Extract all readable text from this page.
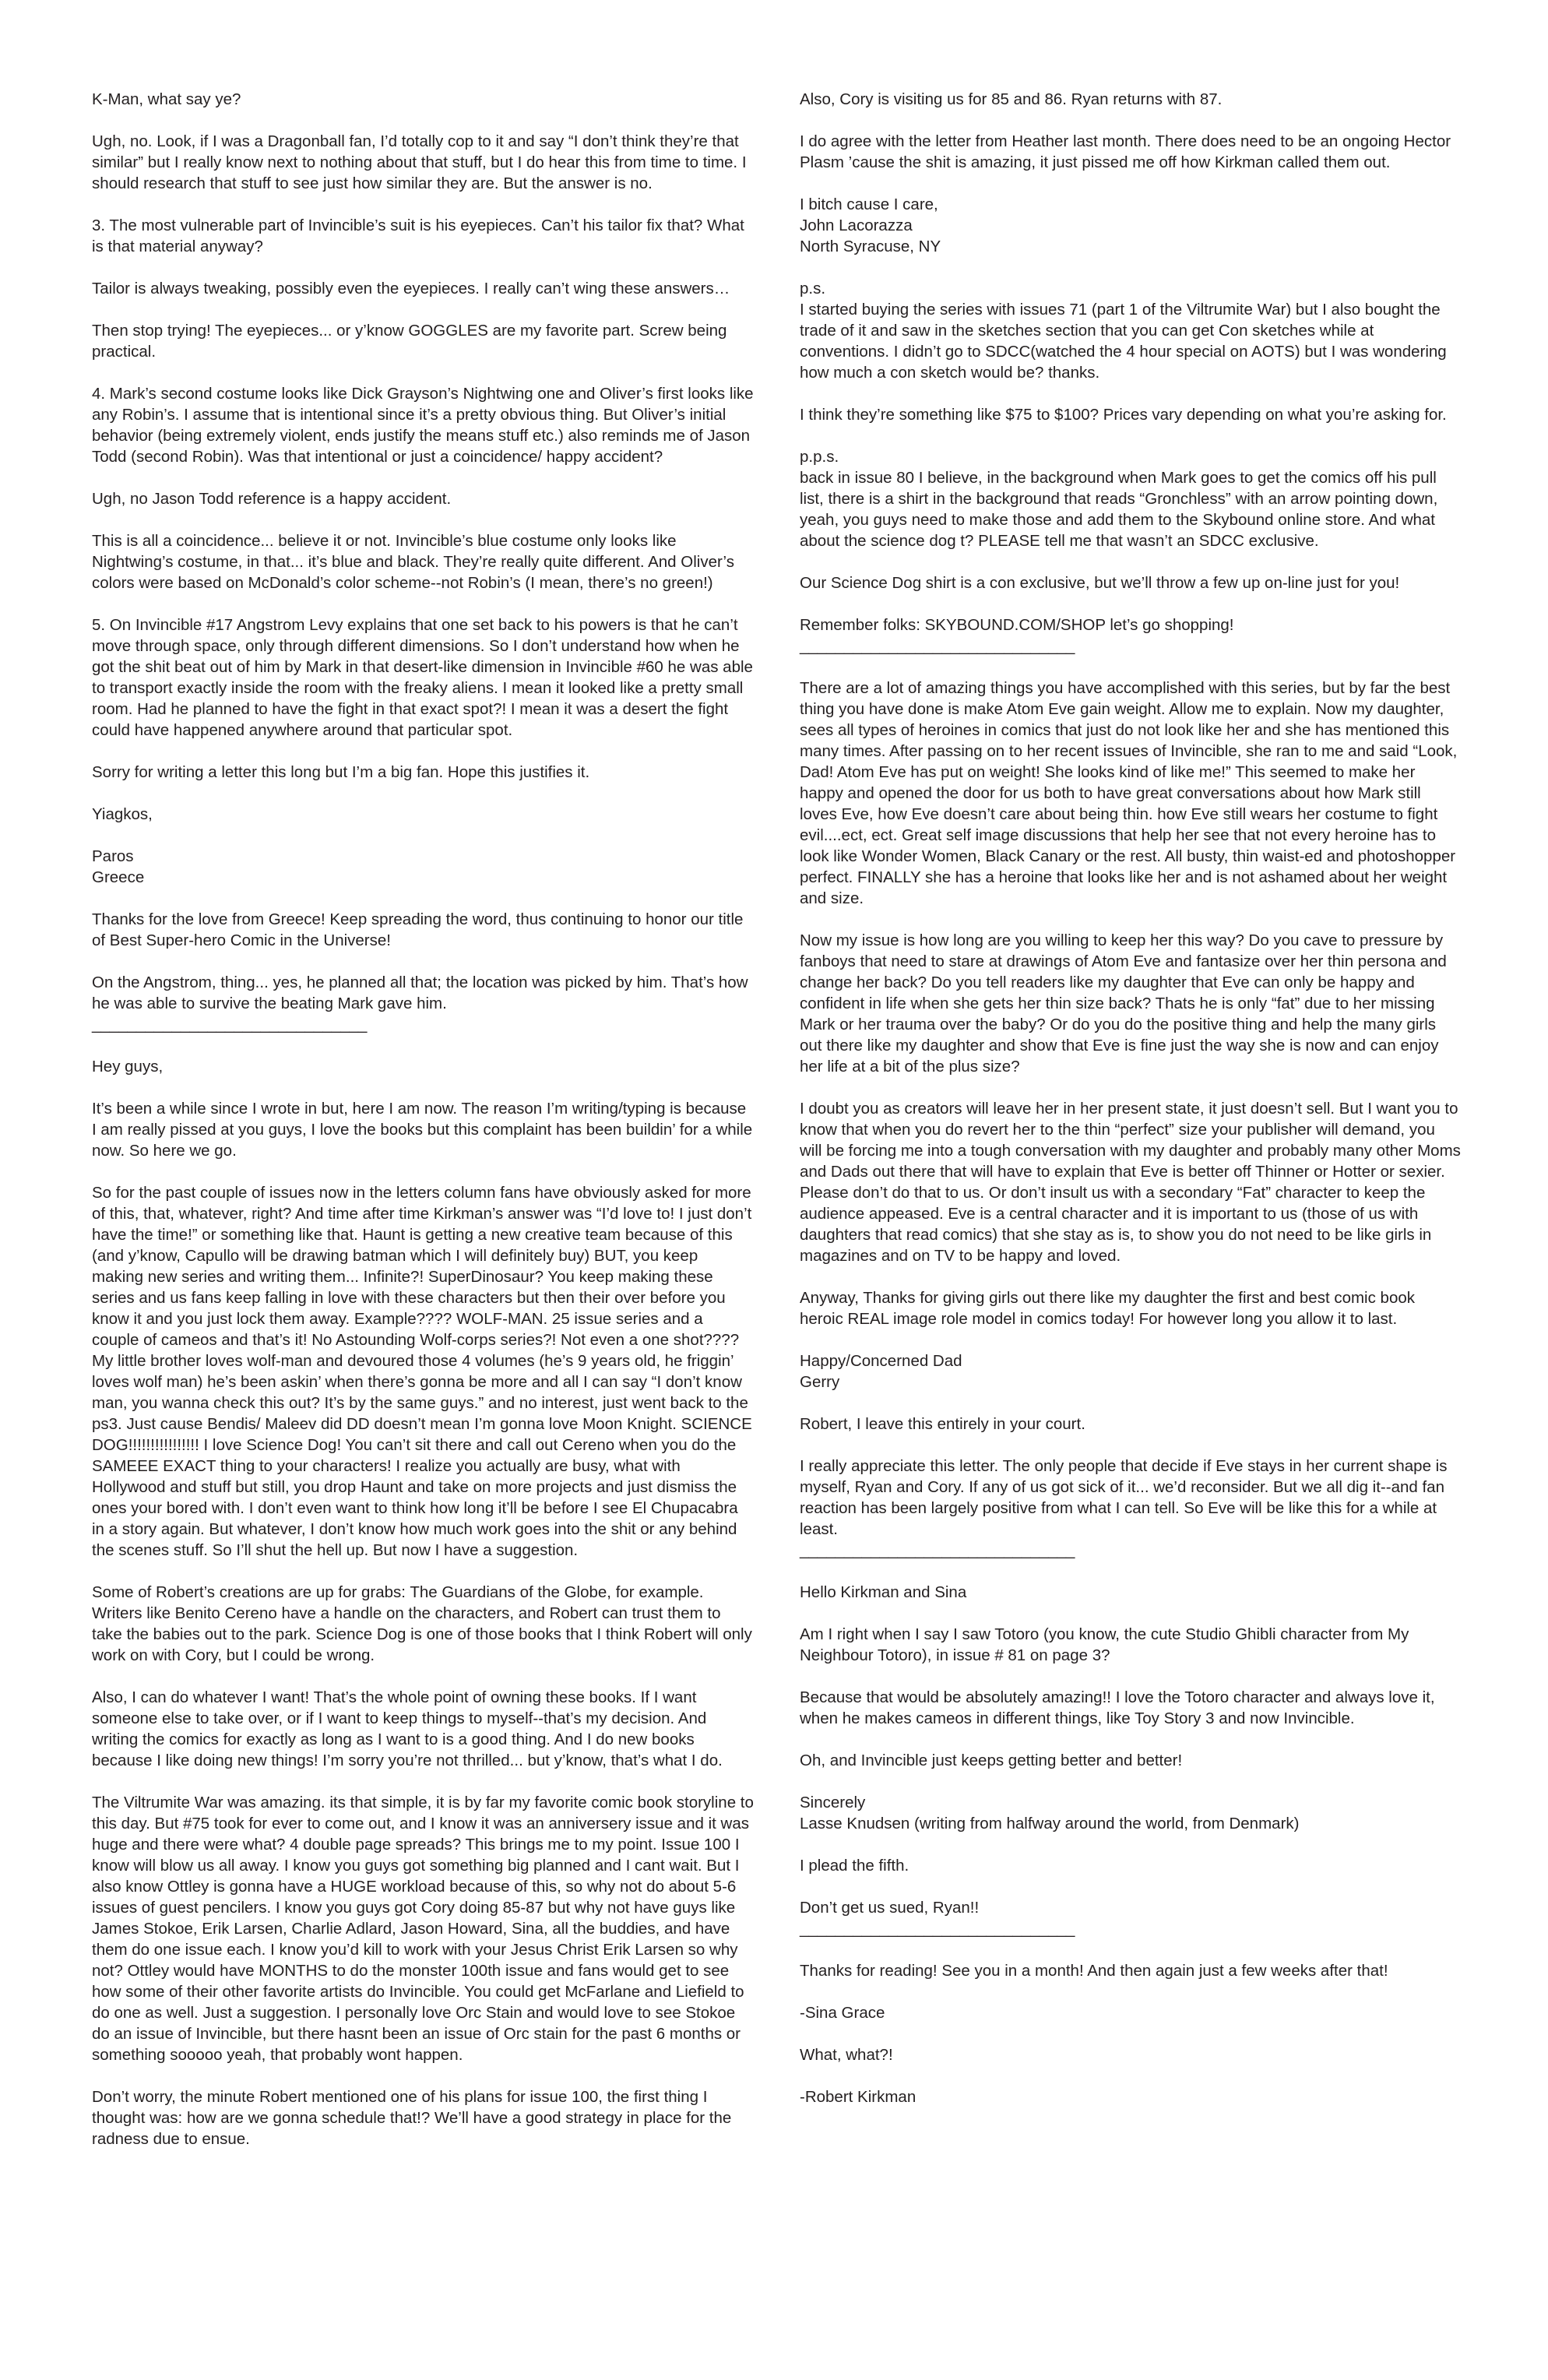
K-Man, what say ye?

Ugh, no. Look, if I was a Dragonball fan, I’d totally cop to it and say “I don’t think they’re that similar” but I really know next to nothing about that stuff, but I do hear this from time to time. I should research that stuff to see just how similar they are. But the answer is no.

3. The most vulnerable part of Invincible’s suit is his eyepieces. Can’t his tailor fix that? What is that material anyway?

Tailor is always tweaking, possibly even the eyepieces. I really can’t wing these answers…

Then stop trying! The eyepieces... or y’know GOGGLES are my favorite part. Screw being practical.

4. Mark’s second costume looks like Dick Grayson’s Nightwing one and Oliver’s first looks like any Robin’s. I assume that is intentional since it’s a pretty obvious thing. But Oliver’s initial behavior (being extremely violent, ends justify the means stuff etc.) also reminds me of Jason Todd (second Robin). Was that intentional or just a coincidence/ happy accident?

Ugh, no Jason Todd reference is a happy accident.

This is all a coincidence... believe it or not. Invincible’s blue costume only looks like Nightwing’s costume, in that... it’s blue and black. They’re really quite different. And Oliver’s colors were based on McDonald’s color scheme--not Robin’s (I mean, there’s no green!)

5. On Invincible #17 Angstrom Levy explains that one set back to his powers is that he can’t move through space, only through different dimensions. So I don’t understand how when he got the shit beat out of him by Mark in that desert-like dimension in Invincible #60 he was able to transport exactly inside the room with the freaky aliens. I mean it looked like a pretty small room. Had he planned to have the fight in that exact spot?! I mean it was a desert the fight could have happened anywhere around that particular spot.

Sorry for writing a letter this long but I’m a big fan. Hope this justifies it.

Yiagkos,

Paros
Greece

Thanks for the love from Greece! Keep spreading the word, thus continuing to honor our title of Best Super-hero Comic in the Universe!

On the Angstrom, thing... yes, he planned all that; the location was picked by him. That’s how he was able to survive the beating Mark gave him.
_______________________________

Hey guys,

It’s been a while since I wrote in but, here I am now. The reason I’m writing/typing is because I am really pissed at you guys, I love the books but this complaint has been buildin’ for a while now. So here we go.

So for the past couple of issues now in the letters column fans have obviously asked for more of this, that, whatever, right? And time after time Kirkman’s answer was “I’d love to! I just don’t have the time!” or something like that. Haunt is getting a new creative team because of this (and y’know, Capullo will be drawing batman which I will definitely buy) BUT, you keep making new series and writing them... Infinite?! SuperDinosaur? You keep making these series and us fans keep falling in love with these characters but then their over before you know it and you just lock them away. Example???? WOLF-MAN. 25 issue series and a couple of cameos and that’s it! No Astounding Wolf-corps series?! Not even a one shot???? My little brother loves wolf-man and devoured those 4 volumes (he’s 9 years old, he friggin’ loves wolf man) he’s been askin’ when there’s gonna be more and all I can say “I don’t know man, you wanna check this out? It’s by the same guys.” and no interest, just went back to the ps3. Just cause Bendis/ Maleev did DD doesn’t mean I’m gonna love Moon Knight. SCIENCE DOG!!!!!!!!!!!!!!!! I love Science Dog! You can’t sit there and call out Cereno when you do the SAMEEE EXACT thing to your characters! I realize you actually are busy, what with Hollywood and stuff but still, you drop Haunt and take on more projects and just dismiss the ones your bored with. I don’t even want to think how long it’ll be before I see El Chupacabra in a story again. But whatever, I don’t know how much work goes into the shit or any behind the scenes stuff. So I’ll shut the hell up. But now I have a suggestion.

Some of Robert’s creations are up for grabs: The Guardians of the Globe, for example. Writers like Benito Cereno have a handle on the characters, and Robert can trust them to take the babies out to the park. Science Dog is one of those books that I think Robert will only work on with Cory, but I could be wrong.

Also, I can do whatever I want! That’s the whole point of owning these books. If I want someone else to take over, or if I want to keep things to myself--that’s my decision. And writing the comics for exactly as long as I want to is a good thing. And I do new books because I like doing new things! I’m sorry you’re not thrilled... but y’know, that’s what I do.

The Viltrumite War was amazing. its that simple, it is by far my favorite comic book storyline to this day. But #75 took for ever to come out, and I know it was an anniversery issue and it was huge and there were what? 4 double page spreads? This brings me to my point. Issue 100 I know will blow us all away. I know you guys got something big planned and I cant wait. But I also know Ottley is gonna have a HUGE workload because of this, so why not do about 5-6 issues of guest pencilers. I know you guys got Cory doing 85-87 but why not have guys like James Stokoe, Erik Larsen, Charlie Adlard, Jason Howard, Sina, all the buddies, and have them do one issue each. I know you’d kill to work with your Jesus Christ Erik Larsen so why not? Ottley would have MONTHS to do the monster 100th issue and fans would get to see how some of their other favorite artists do Invincible. You could get McFarlane and Liefield to do one as well. Just a suggestion. I personally love Orc Stain and would love to see Stokoe do an issue of Invincible, but there hasnt been an issue of Orc stain for the past 6 months or something sooooo yeah, that probably wont happen.

Don’t worry, the minute Robert mentioned one of his plans for issue 100, the first thing I thought was: how are we gonna schedule that!? We’ll have a good strategy in place for the radness due to ensue.

Also, Cory is visiting us for 85 and 86. Ryan returns with 87.

I do agree with the letter from Heather last month. There does need to be an ongoing Hector Plasm ’cause the shit is amazing, it just pissed me off how Kirkman called them out.

I bitch cause I care,
John Lacorazza
North Syracuse, NY

p.s.
I started buying the series with issues 71 (part 1 of the Viltrumite War) but I also bought the trade of it and saw in the sketches section that you can get Con sketches while at conventions. I didn’t go to SDCC(watched the 4 hour special on AOTS) but I was wondering how much a con sketch would be? thanks.

I think they’re something like $75 to $100? Prices vary depending on what you’re asking for.

p.p.s.
back in issue 80 I believe, in the background when Mark goes to get the comics off his pull list, there is a shirt in the background that reads “Gronchless” with an arrow pointing down, yeah, you guys need to make those and add them to the Skybound online store. And what about the science dog t? PLEASE tell me that wasn’t an SDCC exclusive.

Our Science Dog shirt is a con exclusive, but we’ll throw a few up on-line just for you!

Remember folks: SKYBOUND.COM/SHOP let’s go shopping!
_______________________________

There are a lot of amazing things you have accomplished with this series, but by far the best thing you have done is make Atom Eve gain weight. Allow me to explain. Now my daughter, sees all types of heroines in comics that just do not look like her and she has mentioned this many times. After passing on to her recent issues of Invincible, she ran to me and said “Look, Dad! Atom Eve has put on weight! She looks kind of like me!” This seemed to make her happy and opened the door for us both to have great conversations about how Mark still loves Eve, how Eve doesn’t care about being thin. how Eve still wears her costume to fight evil....ect, ect. Great self image discussions that help her see that not every heroine has to look like Wonder Women, Black Canary or the rest. All busty, thin waist-ed and photoshopper perfect. FINALLY she has a heroine that looks like her and is not ashamed about her weight and size.

Now my issue is how long are you willing to keep her this way? Do you cave to pressure by fanboys that need to stare at drawings of Atom Eve and fantasize over her thin persona and change her back? Do you tell readers like my daughter that Eve can only be happy and confident in life when she gets her thin size back? Thats he is only “fat” due to her missing Mark or her trauma over the baby? Or do you do the positive thing and help the many girls out there like my daughter and show that Eve is fine just the way she is now and can enjoy her life at a bit of the plus size?

I doubt you as creators will leave her in her present state, it just doesn’t sell. But I want you to know that when you do revert her to the thin “perfect” size your publisher will demand, you will be forcing me into a tough conversation with my daughter and probably many other Moms and Dads out there that will have to explain that Eve is better off Thinner or Hotter or sexier. Please don’t do that to us. Or don’t insult us with a secondary “Fat” character to keep the audience appeased. Eve is a central character and it is important to us (those of us with daughters that read comics) that she stay as is, to show you do not need to be like girls in magazines and on TV to be happy and loved.

Anyway, Thanks for giving girls out there like my daughter the first and best comic book heroic REAL image role model in comics today! For however long you allow it to last.

Happy/Concerned Dad
Gerry

Robert, I leave this entirely in your court.

I really appreciate this letter. The only people that decide if Eve stays in her current shape is myself, Ryan and Cory. If any of us got sick of it... we’d reconsider. But we all dig it--and fan reaction has been largely positive from what I can tell. So Eve will be like this for a while at least.
_______________________________

Hello Kirkman and Sina

Am I right when I say I saw Totoro (you know, the cute Studio Ghibli character from My Neighbour Totoro), in issue # 81 on page 3?

Because that would be absolutely amazing!! I love the Totoro character and always love it, when he makes cameos in different things, like Toy Story 3 and now Invincible.

Oh, and Invincible just keeps getting better and better!

Sincerely
Lasse Knudsen (writing from halfway around the world, from Denmark)

I plead the fifth.

Don’t get us sued, Ryan!!
_______________________________

Thanks for reading! See you in a month! And then again just a few weeks after that!

-Sina Grace

What, what?!

-Robert Kirkman
